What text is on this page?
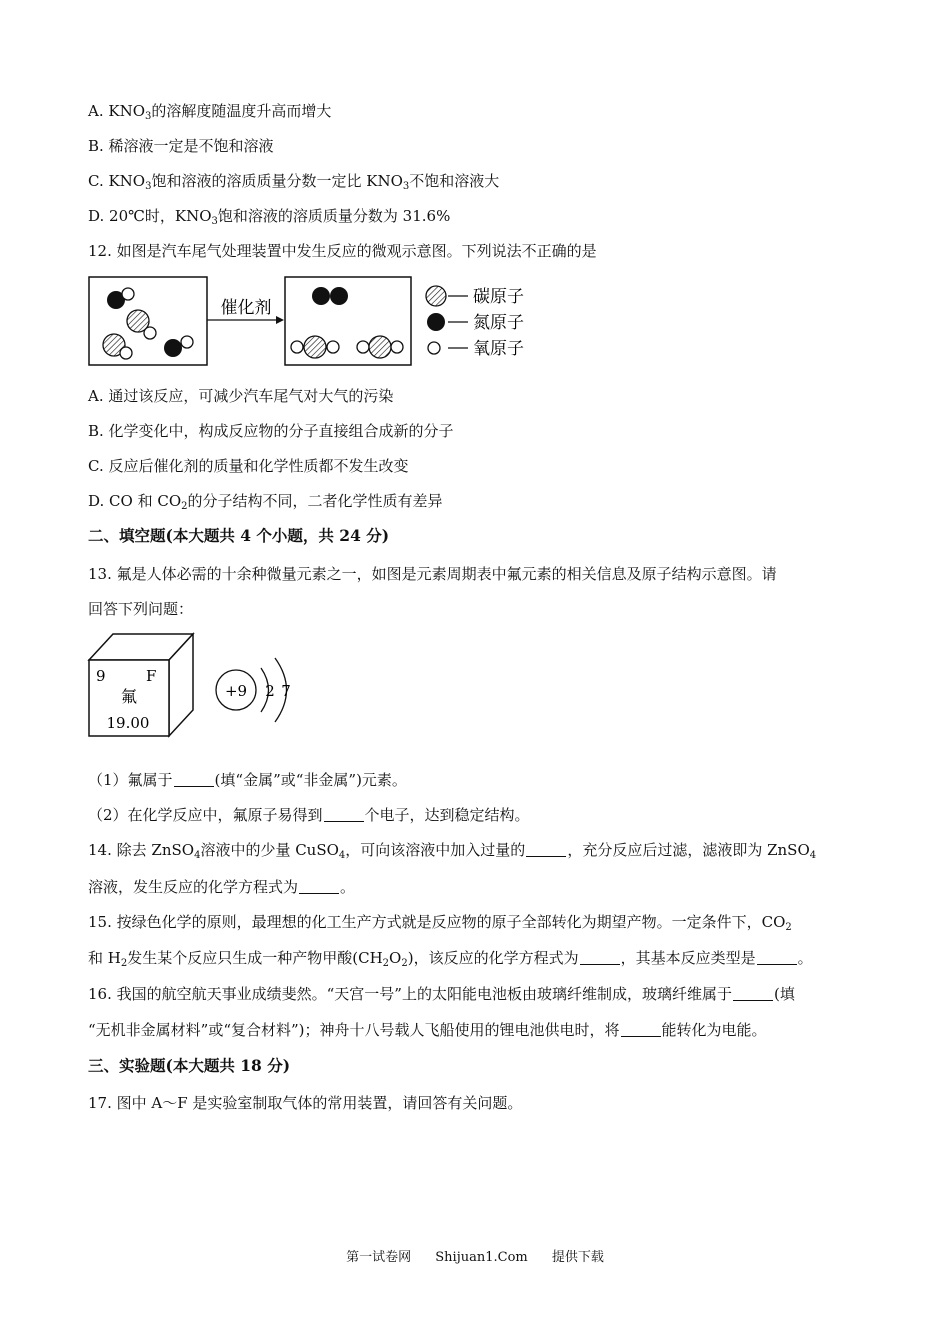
A. $KNO_3$的溶解度随温度升高而增大
B. 稀溶液一定是不饱和溶液
C. $KNO_3$饱和溶液的溶质质量分数一定比 $KNO_3$不饱和溶液大
D. 20℃时，$KNO_3$饱和溶液的溶质质量分数为 31.6%
12. 如图是汽车尾气处理装置中发生反应的微观示意图。下列说法不正确的是
催化剂
碳原子
氮原子
氧原子
A. 通过该反应，可减少汽车尾气对大气的污染
B. 化学变化中，构成反应物的分子直接组合成新的分子
C. 反应后催化剂的质量和化学性质都不发生改变
D. CO 和 $CO_2$的分子结构不同，二者化学性质有差异
二、填空题(本大题共 4 个小题，共 24 分)
13. 氟是人体必需的十余种微量元素之一，如图是元素周期表中氟元素的相关信息及原子结构示意图。请
回答下列问题：
9	F
氟
19.00
+9 2 7
（1）氟属于	(填“金属”或“非金属”)元素。
（2）在化学反应中，氟原子易得到	个电子，达到稳定结构。
14. 除去 ZnSO$_4$溶液中的少量 CuSO$_4$，可向该溶液中加入过量的	，充分反应后过滤，滤液即为 ZnSO$_4$
溶液，发生反应的化学方程式为	。
15. 按绿色化学的原则，最理想的化工生产方式就是反应物的原子全部转化为期望产物。一定条件下，$CO_2$
和 $H_2$发生某个反应只生成一种产物甲酸$(CH_2O_2)$，该反应的化学方程式为	，其基本反应类型是	。
16. 我国的航空航天事业成绩斐然。“天宫一号”上的太阳能电池板由玻璃纤维制成，玻璃纤维属于	(填
“无机非金属材料”或“复合材料”)；神舟十八号载人飞船使用的锂电池供电时，将	能转化为电能。
三、实验题(本大题共 18 分)
17. 图中 A～F 是实验室制取气体的常用装置，请回答有关问题。
第一试卷网 Shijuan1.Com 提供下载
